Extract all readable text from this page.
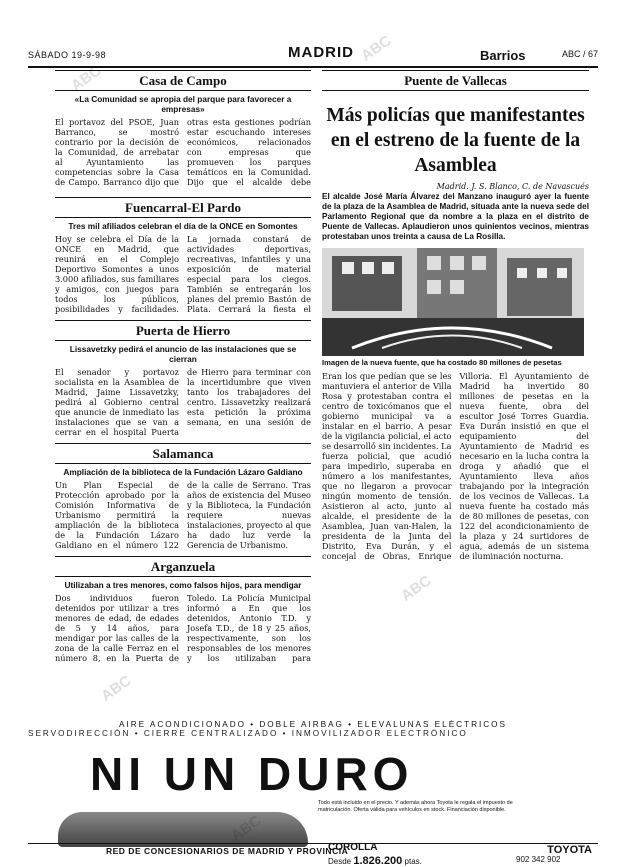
SÁBADO 19-9-98	MADRID	Barrios	ABC / 67
Casa de Campo
«La Comunidad se apropia del parque para favorecer a empresas»

El portavoz del PSOE, Juan Barranco, se mostró contrario por la decisión de la Comunidad, de arrebatar al Ayuntamiento las competencias sobre la Casa de Campo. Barranco dijo que otras esta gestiones podrían estar escuchando intereses económicos, relacionados con empresas que promueven los parques temáticos en la Comunidad. Dijo que el alcalde debe

Fuencarral-El Pardo
Tres mil afiliados celebran el día de la ONCE en Somontes

Hoy se celebra el Día de la ONCE en Madrid, que reunirá en el Complejo Deportivo Somontes a unos 3.000 afiliados, sus familiares y amigos, con juegos para todos los públicos, posibilidades y facilidades. La jornada constará de actividades deportivas, recreativas, infantiles y una exposición de material especial para los ciegos. También se entregarán los planes del premio Bastón de Plata. Cerrará la fiesta el

Puerta de Hierro
Lissavetzky pedirá el anuncio de las instalaciones que se cierran

El senador y portavoz socialista en la Asamblea de Madrid, Jaime Lissavetzky, pedirá al Gobierno central que anuncie de inmediato las instalaciones que se van a cerrar en el hospital Puerta de Hierro para terminar con la incertidumbre que viven tanto los trabajadores del centro. Lissavetzky realizará esta petición la próxima semana, en una sesión de

Salamanca
Ampliación de la biblioteca de la Fundación Lázaro Galdiano

Un Plan Especial de Protección aprobado por la Comisión Informativa de Urbanismo permitirá la ampliación de la biblioteca de la Fundación Lázaro Galdiano en el número 122 de la calle de Serrano. Tras años de existencia del Museo y la Biblioteca, la Fundación requiere nuevas instalaciones, proyecto al que ha dado luz verde la Gerencia de Urbanismo.

Arganzuela
Utilizaban a tres menores, como falsos hijos, para mendigar

Dos individuos fueron detenidos por utilizar a tres menores de edad, de edades de 5 y 14 años, para mendigar por las calles de la zona de la calle Ferraz en el número 8, en la Puerta de Toledo. La Policía Municipal informó a En que los detenidos, Antonio T.D. y Josefa T.D., de 18 y 25 años, respectivamente, son los responsables de los menores y los utilizaban para

Puente de Vallecas
Más policías que manifestantes en el estreno de la fuente de la Asamblea
Madrid. J. S. Blanco, C. de Navascués
El alcalde José María Álvarez del Manzano inauguró ayer la fuente de la plaza de la Asamblea de Madrid, situada ante la nueva sede del Parlamento Regional que da nombre a la plaza en el distrito de Puente de Vallecas. Aplaudieron unos quinientos vecinos, mientras protestaban unos treinta a causa de La Rosilla.
Imagen de la nueva fuente, que ha costado 80 millones de pesetas

Eran los que pedían que se les mantuviera el anterior de Villa Rosa y protestaban contra el centro de toxicómanos que el gobierno municipal va a instalar en el barrio. A pesar de la vigilancia policial, el acto se desarrolló sin incidentes. La fuerza policial, que acudió para impedirlo, superaba en número a los manifestantes, que no llegaron a provocar ningún momento de tensión. Asistieron al acto, junto al alcalde, el presidente de la Asamblea, Juan van-Halen, la presidenta de la Junta del Distrito, Eva Durán, y el concejal de Obras, Enrique Villoria. El Ayuntamiento de Madrid ha invertido 80 millones de pesetas en la nueva fuente, obra del escultor José Torres Guardia. Eva Durán insistió en que el equipamiento del Ayuntamiento de Madrid es necesario en la lucha contra la droga y añadió que el Ayuntamiento lleva años trabajando por la integración de los vecinos de Vallecas. La nueva fuente ha costado más de 80 millones de pesetas, con 122 del acondicionamiento de la plaza y 24 surtidores de agua, además de un sistema de iluminación nocturna.

AIRE ACONDICIONADO • DOBLE AIRBAG • ELEVALUNAS ELÉCTRICOS
SERVODIRECCIÓN • CIERRE CENTRALIZADO • INMOVILIZADOR ELECTRÓNICO
NI UN DURO
Todo está incluido en el precio. Y además ahora Toyota le regala el impuesto de matriculación. Oferta válida para vehículos en stock. Financiación disponible.
COROLLA
Desde 1.826.200 ptas.	902 342 902
RED DE CONCESIONARIOS DE MADRID Y PROVINCIA	TOYOTA
ABC
ABC
ABC
ABC
ABC
